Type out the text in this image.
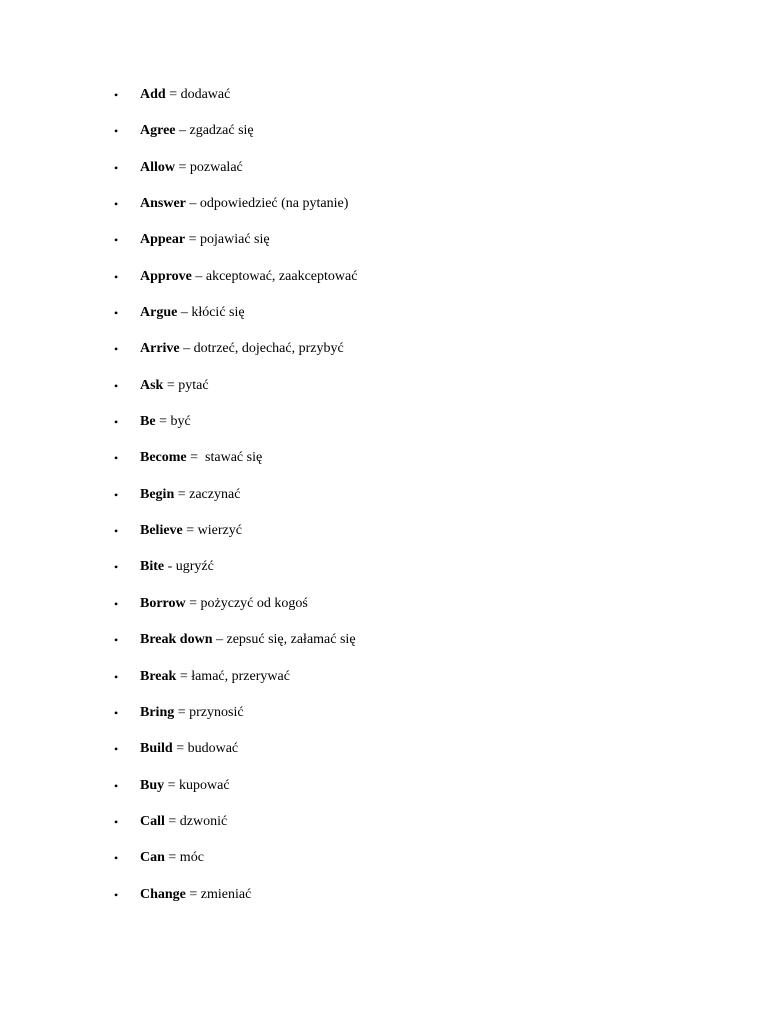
•	Add = dodawać
•	Agree – zgadzać się
•	Allow = pozwalać
•	Answer – odpowiedzieć (na pytanie)
•	Appear = pojawiać się
•	Approve – akceptować, zaakceptować
•	Argue – kłócić się
•	Arrive – dotrzeć, dojechać, przybyć
•	Ask = pytać
•	Be = być
•	Become =  stawać się
•	Begin = zaczynać
•	Believe = wierzyć
•	Bite - ugryźć
•	Borrow = pożyczyć od kogoś
•	Break down – zepsuć się, załamać się
•	Break = łamać, przerywać
•	Bring = przynosić
•	Build = budować
•	Buy = kupować
•	Call = dzwonić
•	Can = móc
•	Change = zmieniać
